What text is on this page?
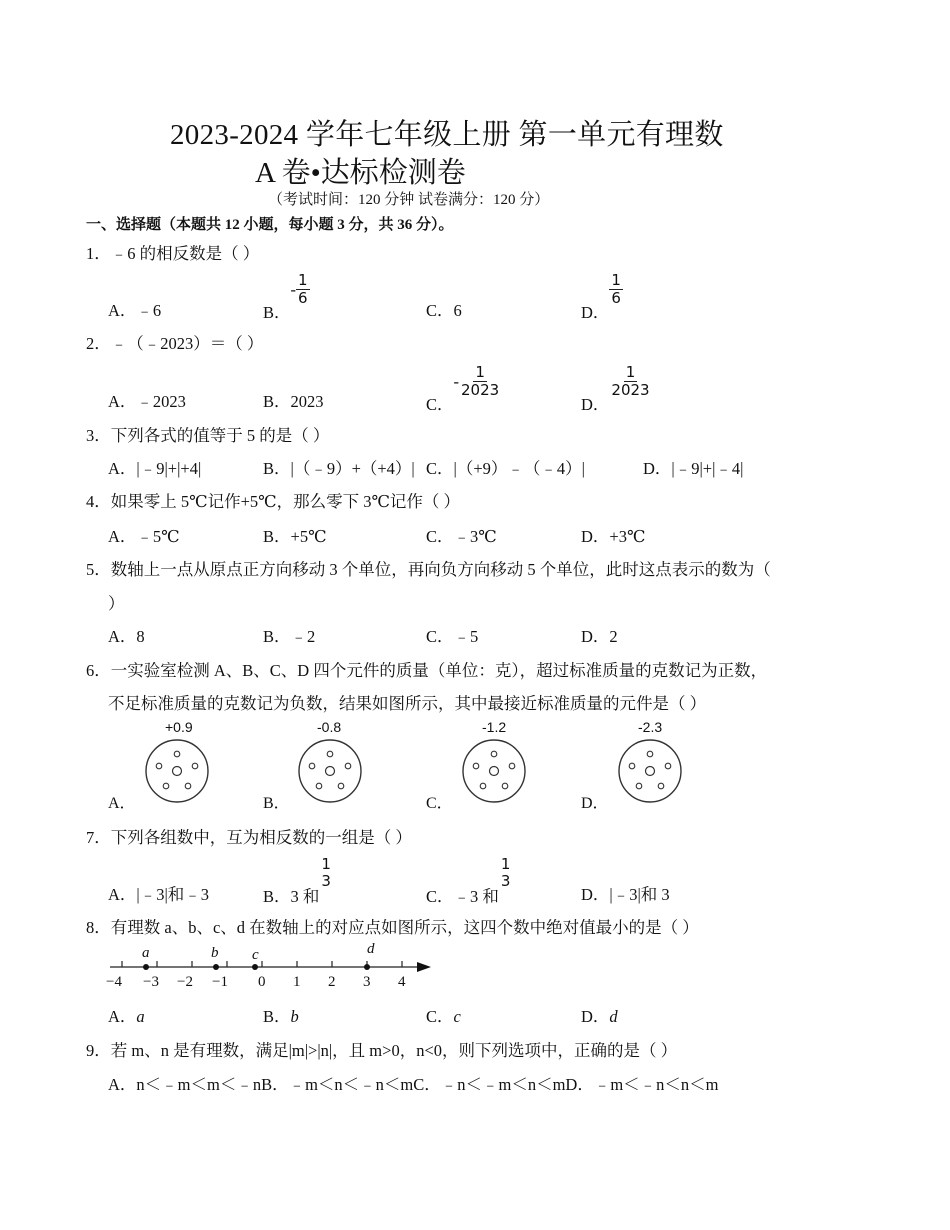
2023-2024 学年七年级上册 第一单元有理数
A 卷•达标检测卷
（考试时间：120 分钟 试卷满分：120 分）
一、选择题（本题共 12 小题，每小题 3 分，共 36 分）。
1．﹣6 的相反数是（ ）
A．﹣6	B．- $\frac{1}{6}$
C．6	D．
$\frac{1}{6}$
2．﹣（﹣2023）＝（ ）
A．﹣2023	B．2023	C．- $\frac{1}{2023}$
D．
$\frac{1}{2023}$
3．下列各式的值等于 5 的是（ ）
A．|﹣9|+|+4|	B．|（﹣9）+（+4）| C．|（+9）﹣（﹣4）|	D．|﹣9|+|﹣4|
4．如果零上 5℃记作+5℃，那么零下 3℃记作（ ）
A．﹣5℃	B．+5℃	C．﹣3℃	D．+3℃
5．数轴上一点从原点正方向移动 3 个单位，再向负方向移动 5 个单位，此时这点表示的数为（
）
A．8	B．﹣2	C．﹣5	D．2
6．一实验室检测 A、B、C、D 四个元件的质量（单位：克），超过标准质量的克数记为正数，
不足标准质量的克数记为负数，结果如图所示，其中最接近标准质量的元件是（ ）
A．
+0.9
B．
-0.8
C．
-1.2
D．
-2.3
7．下列各组数中，互为相反数的一组是（ ）
A．|﹣3|和﹣3	B．3 和
1
3
C．﹣3 和
1
3
D．|﹣3|和 3
8．有理数 a、b、c、d 在数轴上的对应点如图所示，这四个数中绝对值最小的是（ ）
a	b c	d
−4 −3 −2 −1 0 1 2 3 4
A．a	B．b	C．c	D．d
9．若 m、n 是有理数，满足|m|>|n|，且 m>0，n<0，则下列选项中，正确的是（ ）
A．n＜﹣m＜m＜﹣nB．﹣m＜n＜﹣n＜mC．﹣n＜﹣m＜n＜mD．﹣m＜﹣n＜n＜m
